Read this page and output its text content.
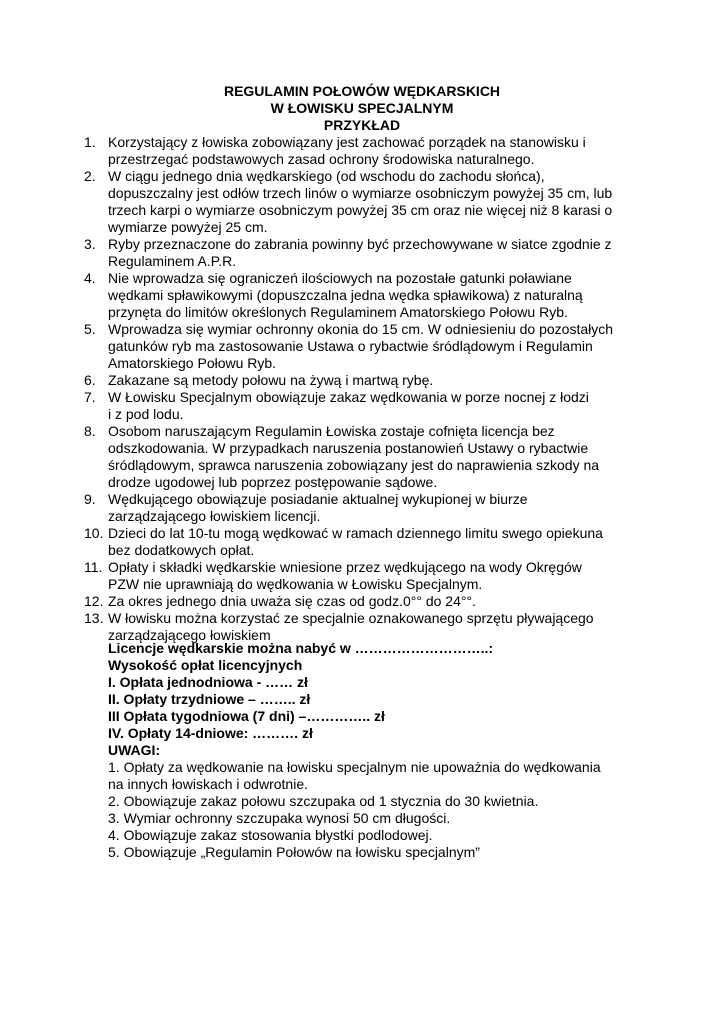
REGULAMIN POŁOWÓW WĘDKARSKICH
W ŁOWISKU SPECJALNYM
PRZYKŁAD
1. Korzystający z łowiska zobowiązany jest zachować porządek na stanowisku i
przestrzegać podstawowych zasad ochrony środowiska naturalnego.
2. W ciągu jednego dnia wędkarskiego (od wschodu do zachodu słońca),
dopuszczalny jest odłów trzech linów o wymiarze osobniczym powyżej 35 cm, lub
trzech karpi o wymiarze osobniczym powyżej 35 cm oraz nie więcej niż 8 karasi o
wymiarze powyżej 25 cm.
3. Ryby przeznaczone do zabrania powinny być przechowywane w siatce zgodnie z
Regulaminem A.P.R.
4. Nie wprowadza się ograniczeń ilościowych na pozostałe gatunki poławiane
wędkami spławikowymi (dopuszczalna jedna wędka spławikowa) z naturalną
przynęta do limitów określonych Regulaminem Amatorskiego Połowu Ryb.
5. Wprowadza się wymiar ochronny okonia do 15 cm. W odniesieniu do pozostałych
gatunków ryb ma zastosowanie Ustawa o rybactwie śródlądowym i Regulamin
Amatorskiego Połowu Ryb.
6. Zakazane są metody połowu na żywą i martwą rybę.
7. W Łowisku Specjalnym obowiązuje zakaz wędkowania w porze nocnej z łodzi
i z pod lodu.
8. Osobom naruszającym Regulamin Łowiska zostaje cofnięta licencja bez
odszkodowania. W przypadkach naruszenia postanowień Ustawy o rybactwie
śródlądowym, sprawca naruszenia zobowiązany jest do naprawienia szkody na
drodze ugodowej lub poprzez postępowanie sądowe.
9. Wędkującego obowiązuje posiadanie aktualnej wykupionej w biurze
zarządzającego łowiskiem licencji.
10. Dzieci do lat 10-tu mogą wędkować w ramach dziennego limitu swego opiekuna
bez dodatkowych opłat.
11. Opłaty i składki wędkarskie wniesione przez wędkującego na wody Okręgów
PZW nie uprawniają do wędkowania w Łowisku Specjalnym.
12. Za okres jednego dnia uważa się czas od godz.0°° do 24°°.
13. W łowisku można korzystać ze specjalnie oznakowanego sprzętu pływającego
zarządzającego łowiskiem
Licencje wędkarskie można nabyć w ………………………..:
Wysokość opłat licencyjnych
I. Opłata jednodniowa - …… zł
II. Opłaty trzydniowe – …….. zł
III Opłata tygodniowa (7 dni) –………….. zł
IV. Opłaty 14-dniowe: ………. zł
UWAGI:
1. Opłaty za wędkowanie na łowisku specjalnym nie upoważnia do wędkowania
na innych łowiskach i odwrotnie.
2. Obowiązuje zakaz połowu szczupaka od 1 stycznia do 30 kwietnia.
3. Wymiar ochronny szczupaka wynosi 50 cm długości.
4. Obowiązuje zakaz stosowania błystki podlodowej.
5. Obowiązuje „Regulamin Połowów na łowisku specjalnym”
